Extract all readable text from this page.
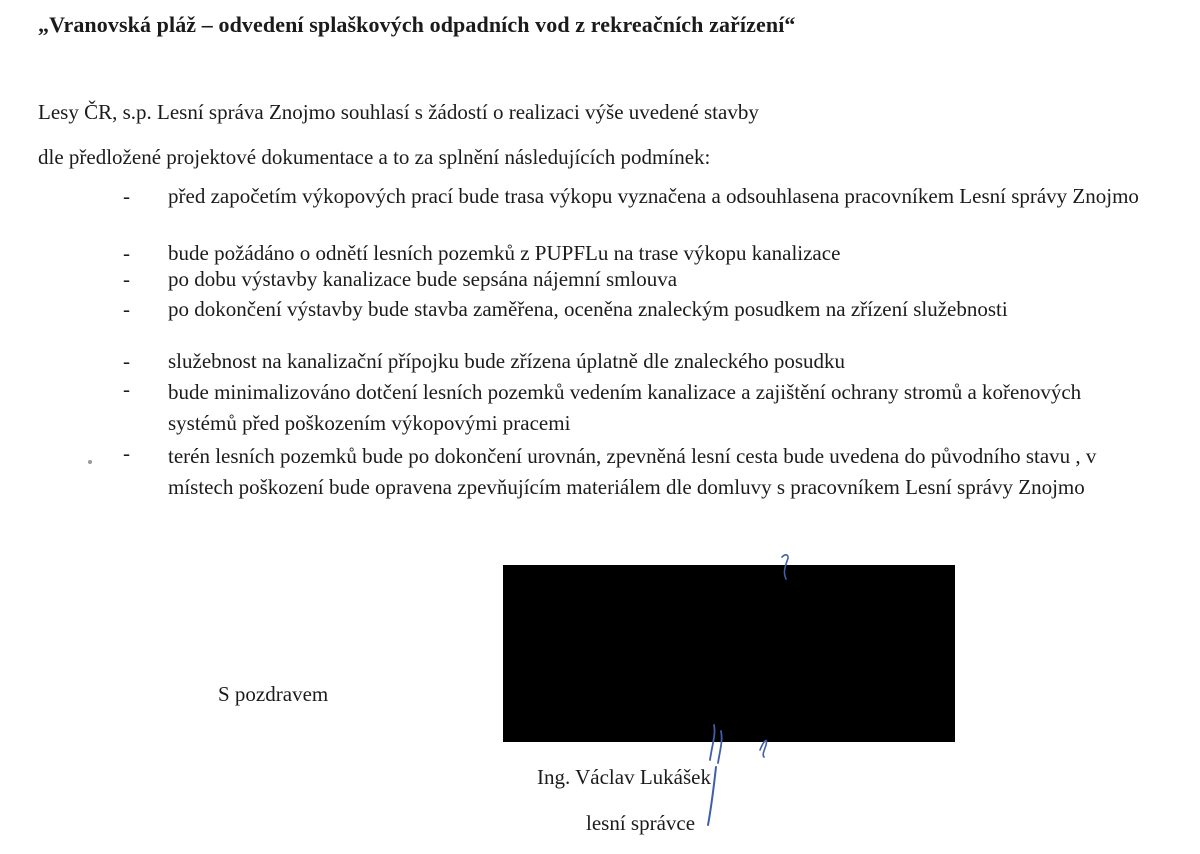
„Vranovská pláž – odvedení splaškových odpadních vod z rekreačních zařízení“
Lesy ČR, s.p. Lesní správa Znojmo souhlasí s žádostí o realizaci výše uvedené stavby
dle předložené projektové dokumentace a to za splnění následujících podmínek:
- před započetím výkopových prací bude trasa výkopu vyznačena a odsouhlasena pracovníkem Lesní správy Znojmo
- bude požádáno o odnětí lesních pozemků z PUPFLu na trase výkopu kanalizace
- po dobu výstavby kanalizace bude sepsána nájemní smlouva
- po dokončení výstavby bude stavba zaměřena, oceněna znaleckým posudkem na zřízení služebnosti
- služebnost na kanalizační přípojku bude zřízena úplatně dle znaleckého posudku
- bude minimalizováno dotčení lesních pozemků vedením kanalizace a zajištění ochrany stromů a kořenových systémů před poškozením výkopovými pracemi
- terén lesních pozemků bude po dokončení urovnán, zpevněná lesní cesta bude uvedena do původního stavu , v místech poškození bude opravena zpevňujícím materiálem dle domluvy s pracovníkem Lesní správy Znojmo
S pozdravem
Ing. Václav Lukášek
lesní správce
